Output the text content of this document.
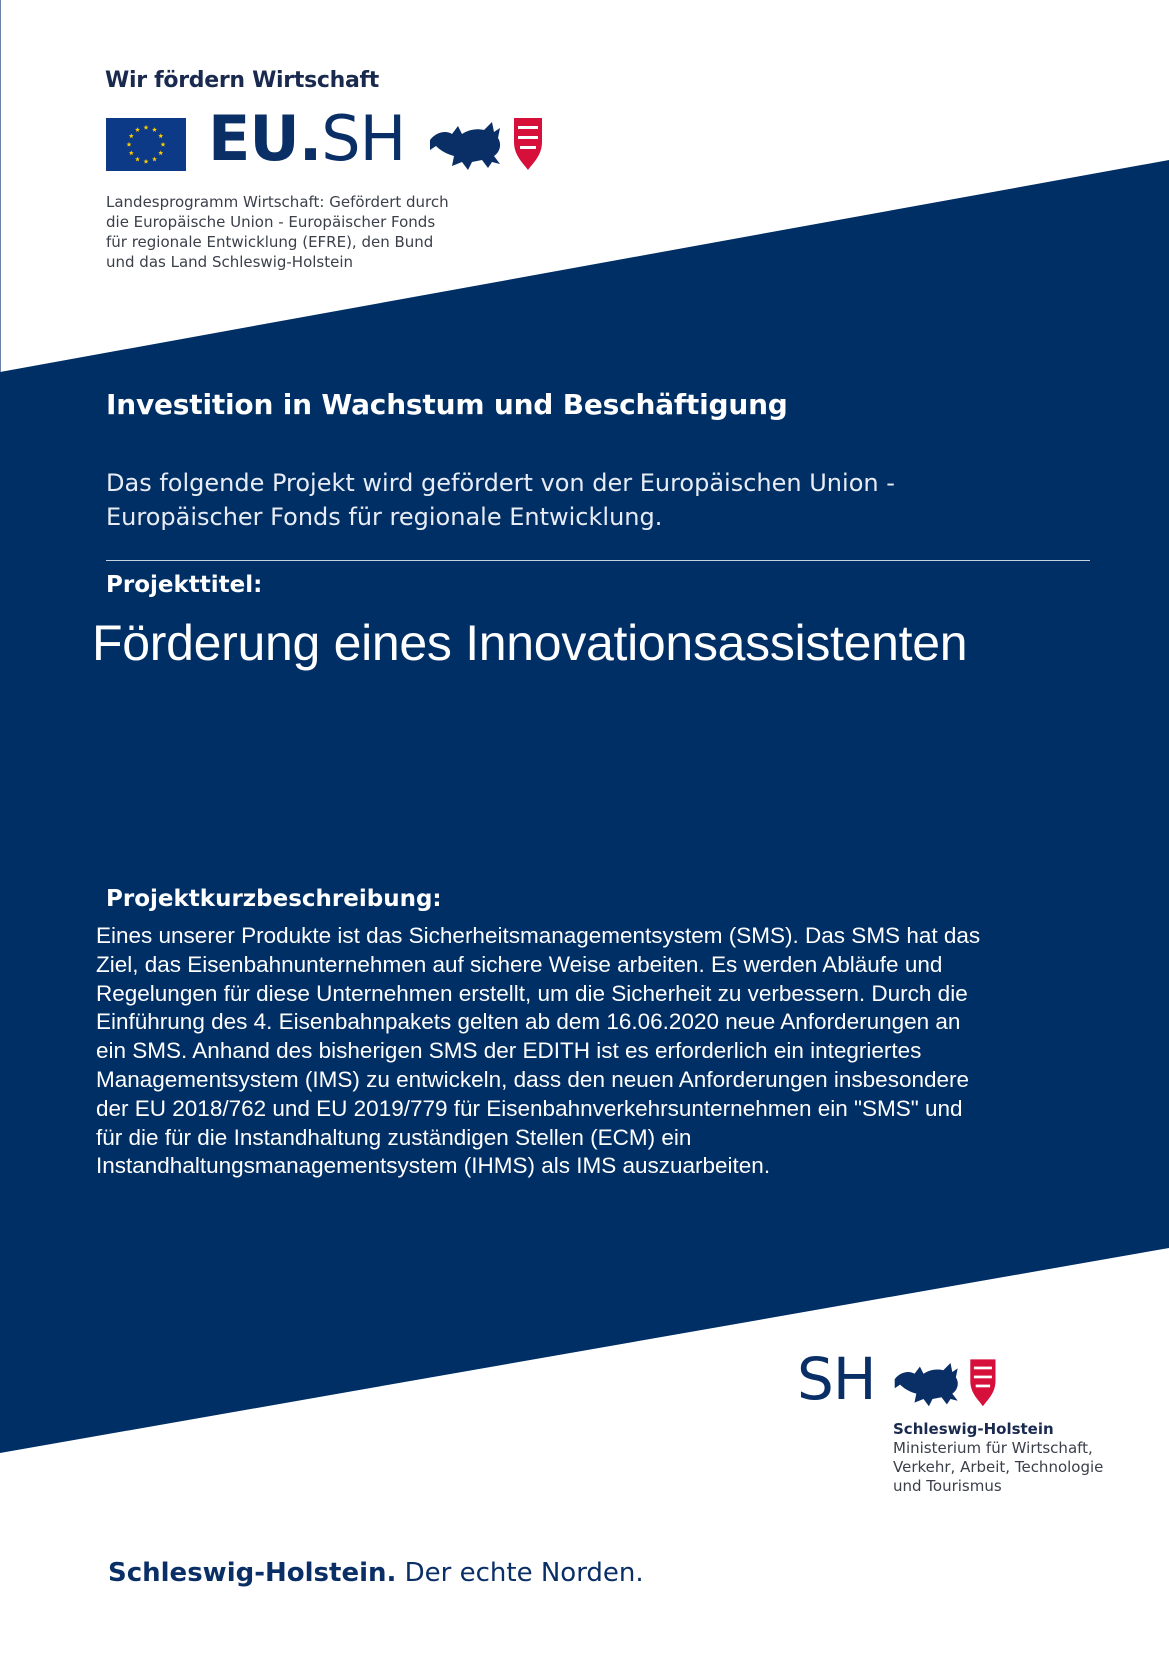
Wir fördern Wirtschaft

EU.SH
Landesprogramm Wirtschaft: Gefördert durch
die Europäische Union - Europäischer Fonds
für regionale Entwicklung (EFRE), den Bund
und das Land Schleswig-Holstein
Investition in Wachstum und Beschäftigung
Das folgende Projekt wird gefördert von der Europäischen Union -
Europäischer Fonds für regionale Entwicklung.

Projekttitel:

Förderung eines Innovationsassistenten

Projektkurzbeschreibung:

Eines unserer Produkte ist das Sicherheitsmanagementsystem (SMS). Das SMS hat das
Ziel, das Eisenbahnunternehmen auf sichere Weise arbeiten. Es werden Abläufe und
Regelungen für diese Unternehmen erstellt, um die Sicherheit zu verbessern. Durch die
Einführung des 4. Eisenbahnpakets gelten ab dem 16.06.2020 neue Anforderungen an
ein SMS. Anhand des bisherigen SMS der EDITH ist es erforderlich ein integriertes
Managementsystem (IMS) zu entwickeln, dass den neuen Anforderungen insbesondere
der EU 2018/762 und EU 2019/779 für Eisenbahnverkehrsunternehmen ein "SMS" und
für die für die Instandhaltung zuständigen Stellen (ECM) ein
Instandhaltungsmanagementsystem (IHMS) als IMS auszuarbeiten.
SH
Schleswig-Holstein
Ministerium für Wirtschaft,
Verkehr, Arbeit, Technologie
und Tourismus

Schleswig-Holstein. Der echte Norden.
